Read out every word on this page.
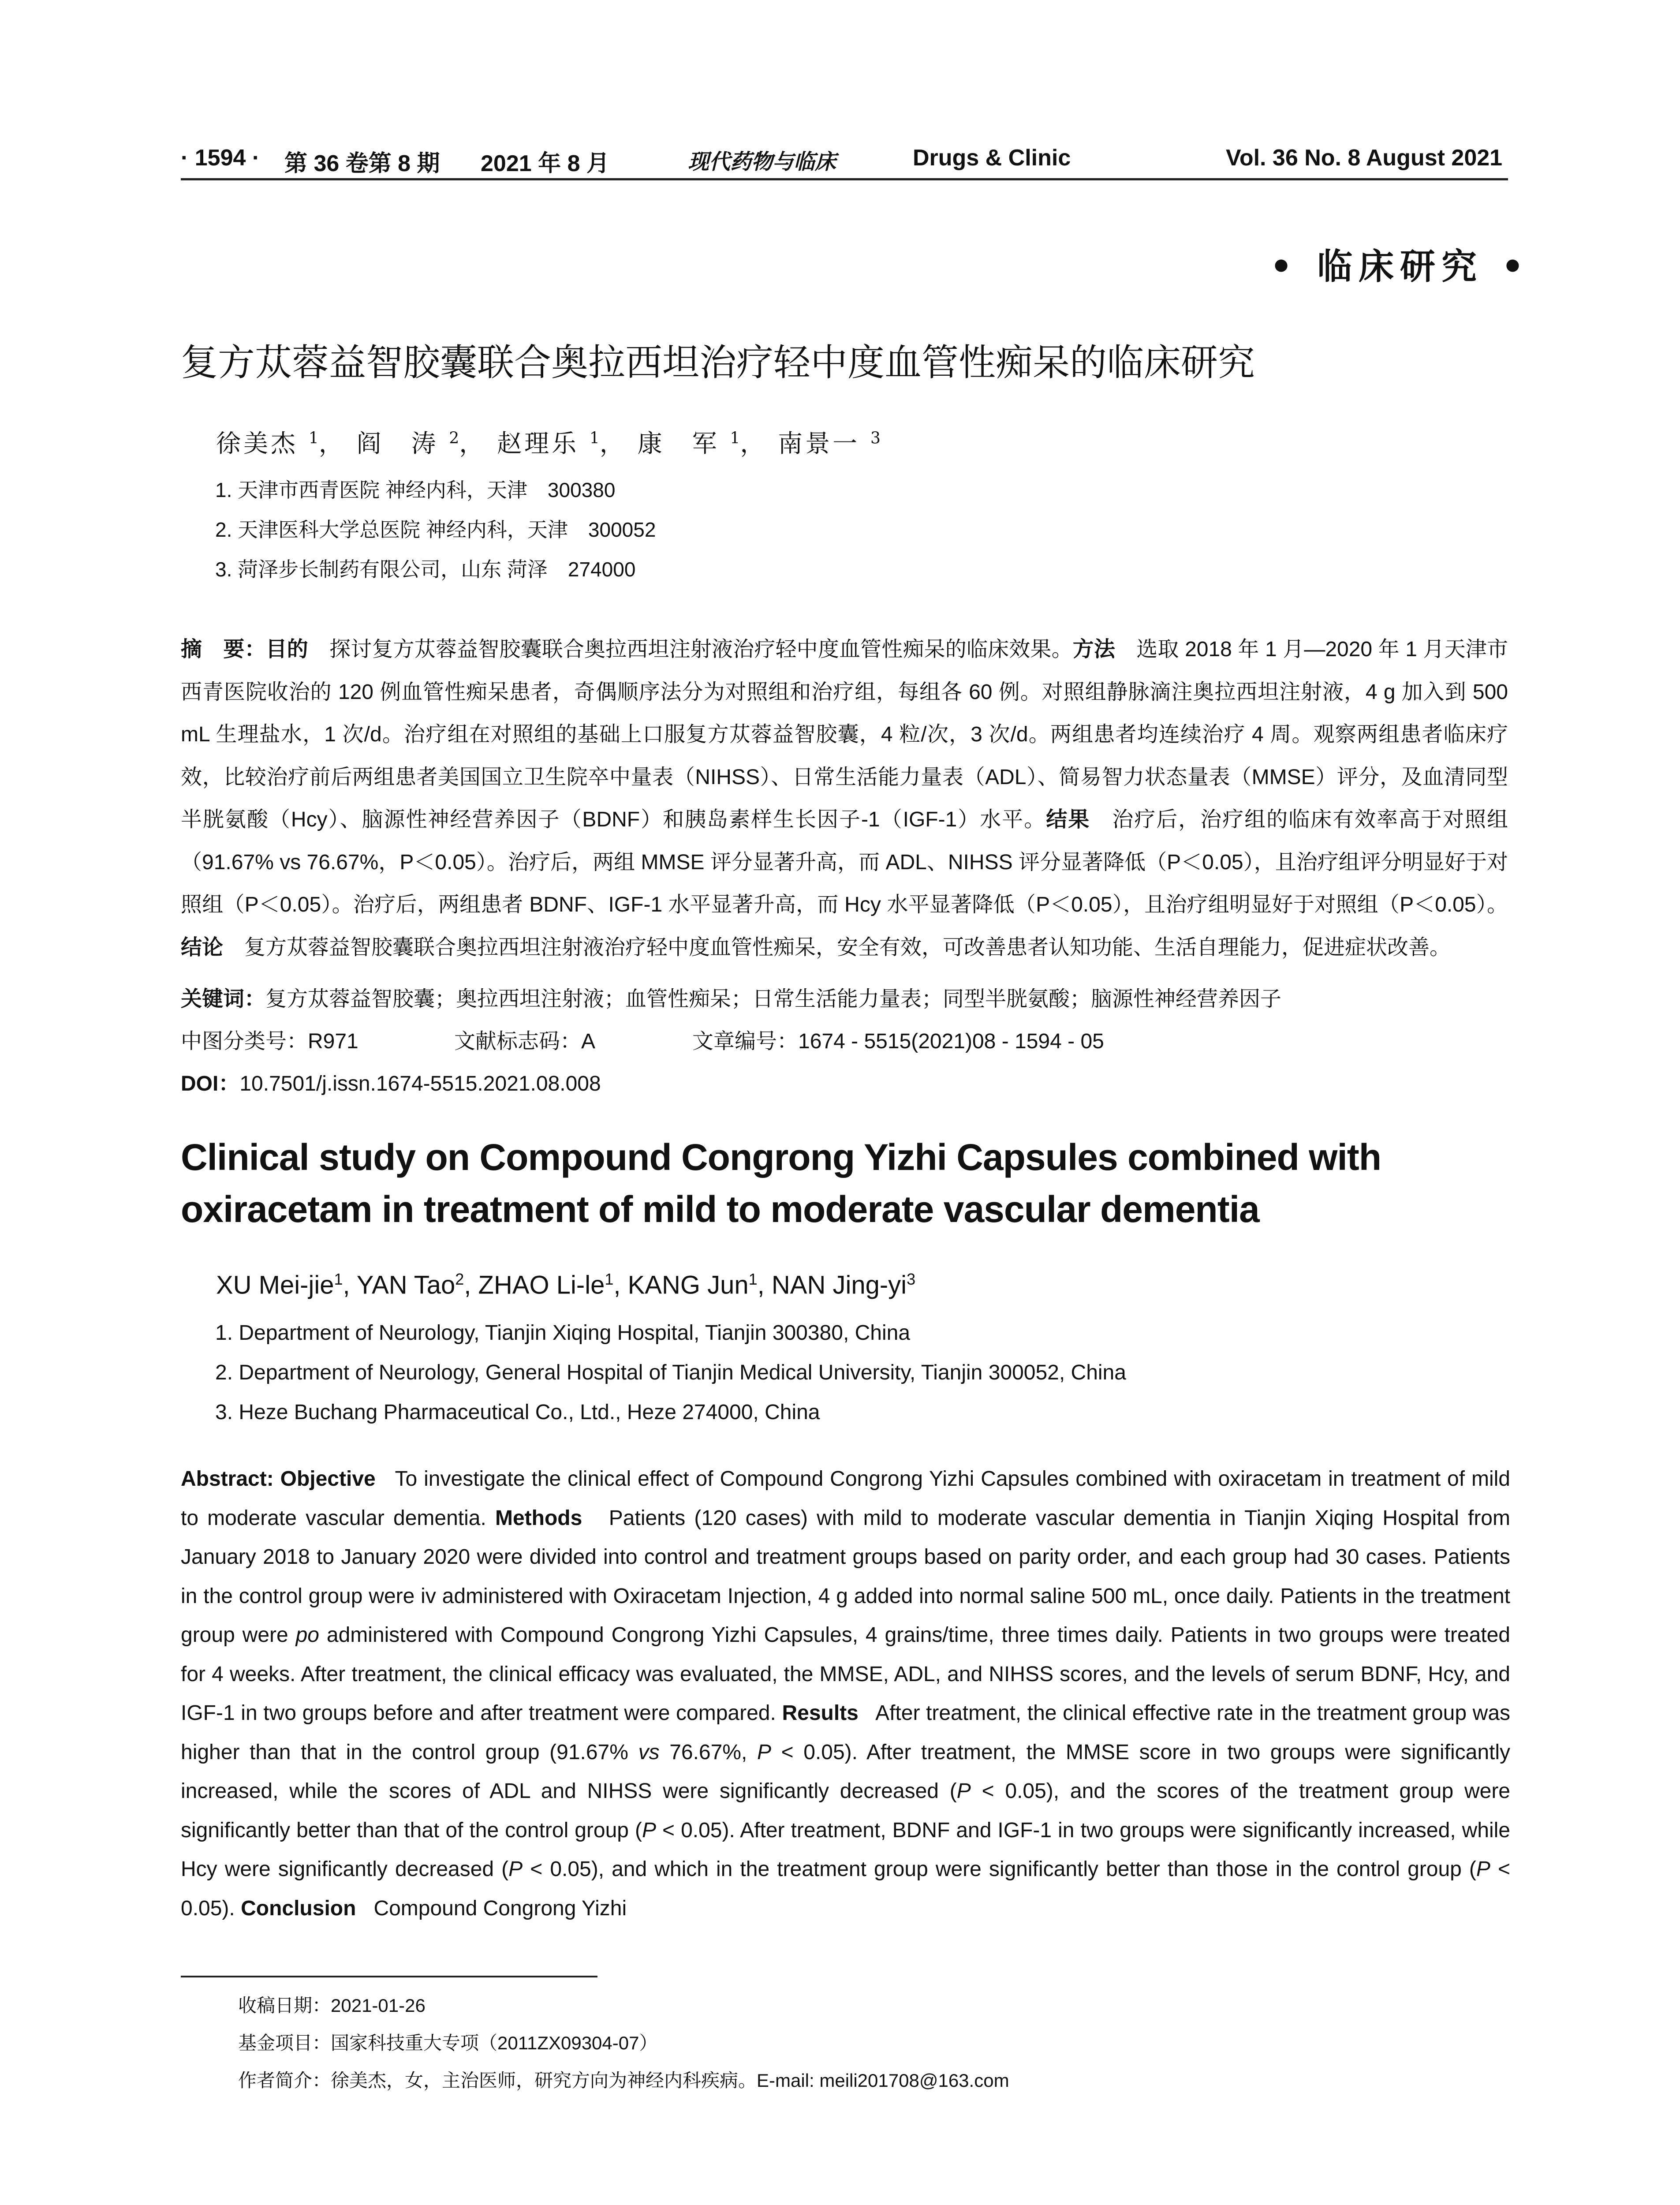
· 1594 · 第 36 卷第 8 期 2021 年 8 月	现代药物与临床	Drugs & Clinic	Vol. 36 No. 8 August 2021
• 临床研究 •
复方苁蓉益智胶囊联合奥拉西坦治疗轻中度血管性痴呆的临床研究
徐美杰 $^1$， 阎　涛 $^2$， 赵理乐 $^1$， 康　军 $^1$， 南景一 $^3$
1. 天津市西青医院 神经内科，天津　300380
2. 天津医科大学总医院 神经内科，天津　300052
3. 菏泽步长制药有限公司，山东 菏泽　274000
摘　要：目的　 探讨复方苁蓉益智胶囊联合奥拉西坦注射液治疗轻中度血管性痴呆的临床效果。方法　 选取 2018 年 1 月—2020 年 1 月天津市西青医院收治的 120 例血管性痴呆患者，奇偶顺序法分为对照组和治疗组，每组各 60 例。对照组静脉滴注奥拉西坦注射液，4 g 加入到 500 mL 生理盐水，1 次/d。治疗组在对照组的基础上口服复方苁蓉益智胶囊，4 粒/次，3 次/d。两组患者均连续治疗 4 周。观察两组患者临床疗效，比较治疗前后两组患者美国国立卫生院卒中量表（NIHSS）、日常生活能力量表（ADL）、简易智力状态量表（MMSE）评分，及血清同型半胱氨酸（Hcy）、脑源性神经营养因子（BDNF）和胰岛素样生长因子-1（IGF-1）水平。结果　 治疗后，治疗组的临床有效率高于对照组（91.67% vs 76.67%，P＜0.05）。治疗后，两组 MMSE 评分显著升高，而 ADL、NIHSS 评分显著降低（P＜0.05），且治疗组评分明显好于对照组（P＜0.05）。治疗后，两组患者 BDNF、IGF-1 水平显著升高，而 Hcy 水平显著降低（P＜0.05），且治疗组明显好于对照组（P＜0.05）。结论　 复方苁蓉益智胶囊联合奥拉西坦注射液治疗轻中度血管性痴呆，安全有效，可改善患者认知功能、生活自理能力，促进症状改善。
关键词：复方苁蓉益智胶囊；奥拉西坦注射液；血管性痴呆；日常生活能力量表；同型半胱氨酸；脑源性神经营养因子
中图分类号：R971	文献标志码：A	文章编号：1674 - 5515(2021)08 - 1594 - 05
DOI：10.7501/j.issn.1674-5515.2021.08.008
Clinical study on Compound Congrong Yizhi Capsules combined with oxiracetam in treatment of mild to moderate vascular dementia
XU Mei-jie$^1$, YAN Tao$^2$, ZHAO $Li-le^1$, KANG Jun$^1$, NAN Jing-$yi^3$
1. Department of Neurology, Tianjin Xiqing Hospital, Tianjin 300380, China
2. Department of Neurology, General Hospital of Tianjin Medical University, Tianjin 300052, China
3. Heze Buchang Pharmaceutical Co., Ltd., Heze 274000, China
Abstract: Objective To investigate the clinical effect of Compound Congrong Yizhi Capsules combined with oxiracetam in treatment of mild to moderate vascular dementia. Methods Patients (120 cases) with mild to moderate vascular dementia in Tianjin Xiqing Hospital from January 2018 to January 2020 were divided into control and treatment groups based on parity order, and each group had 30 cases. Patients in the control group were iv administered with Oxiracetam Injection, 4 g added into normal saline 500 mL, once daily. Patients in the treatment group were po administered with Compound Congrong Yizhi Capsules, 4 grains/time, three times daily. Patients in two groups were treated for 4 weeks. After treatment, the clinical efficacy was evaluated, the MMSE, ADL, and NIHSS scores, and the levels of serum BDNF, Hcy, and IGF-1 in two groups before and after treatment were compared. Results After treatment, the clinical effective rate in the treatment group was higher than that in the control group (91.67% vs 76.67%, P < 0.05). After treatment, the MMSE score in two groups were significantly increased, while the scores of ADL and NIHSS were significantly decreased (P < 0.05), and the scores of the treatment group were significantly better than that of the control group (P < 0.05). After treatment, BDNF and IGF-1 in two groups were significantly increased, while Hcy were significantly decreased (P < 0.05), and which in the treatment group were significantly better than those in the control group (P < 0.05). Conclusion Compound Congrong Yizhi
收稿日期：2021-01-26
基金项目：国家科技重大专项（2011ZX09304-07）
作者简介：徐美杰，女，主治医师，研究方向为神经内科疾病。E-mail: meili201708@163.com
